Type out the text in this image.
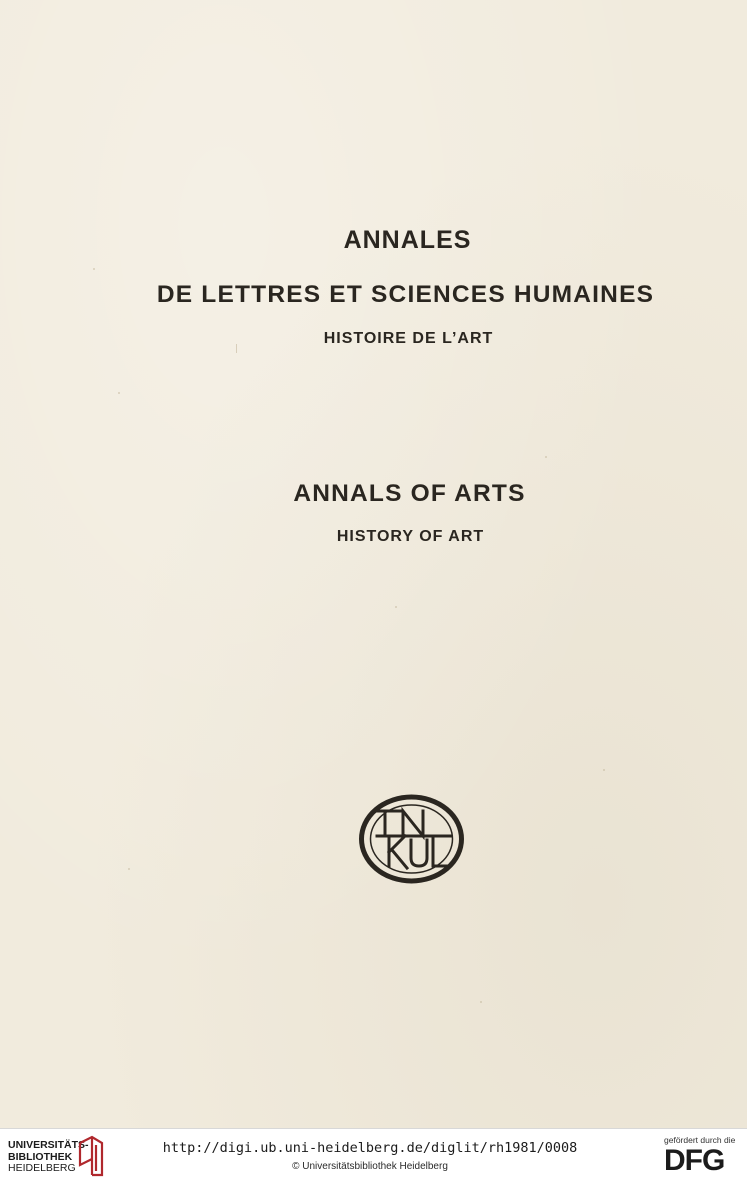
ANNALES
DE LETTRES ET SCIENCES HUMAINES
HISTOIRE DE L’ART
ANNALS OF ARTS
HISTORY OF ART
UNIVERSITÄTS-
BIBLIOTHEK
HEIDELBERG
http://digi.ub.uni-heidelberg.de/diglit/rh1981/0008
© Universitätsbibliothek Heidelberg
gefördert durch die
DFG
